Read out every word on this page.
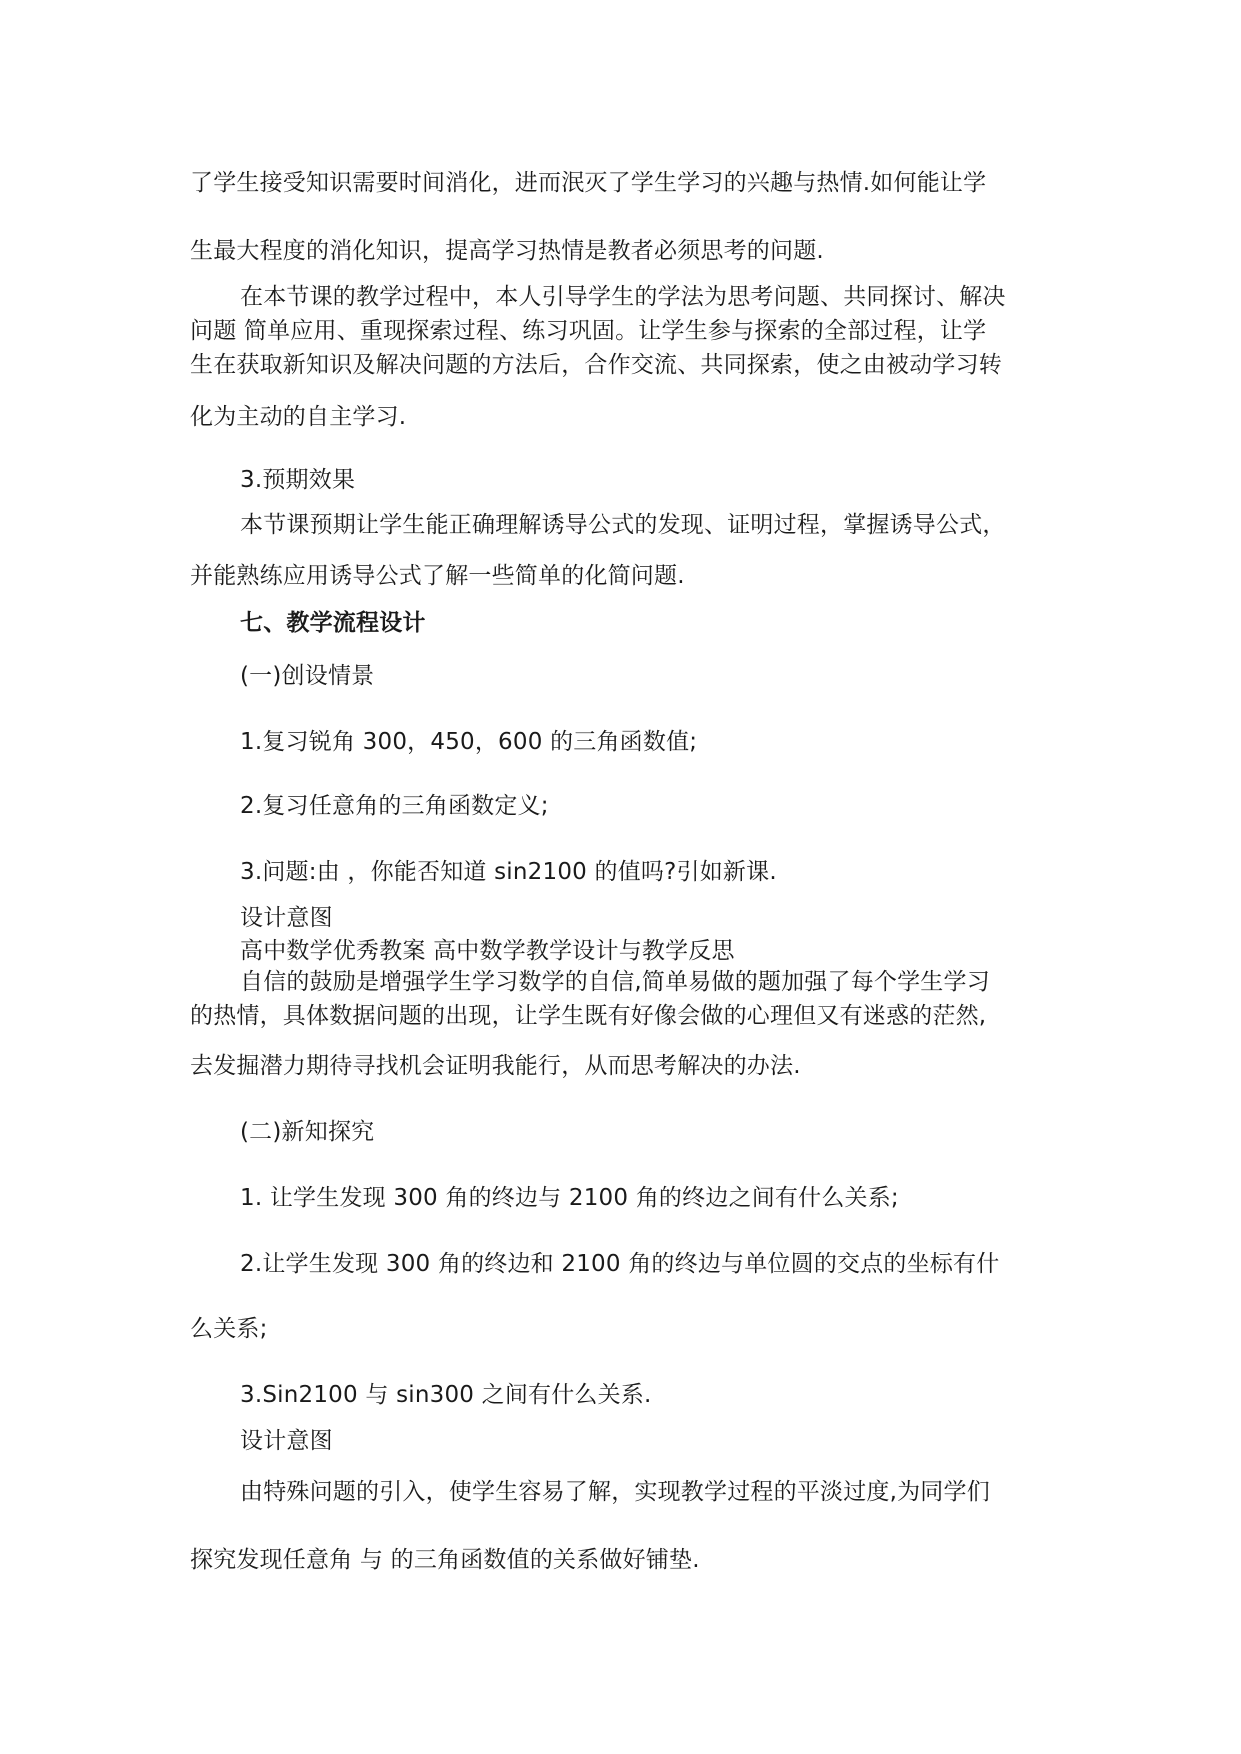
了学生接受知识需要时间消化，进而泯灭了学生学习的兴趣与热情.如何能让学
生最大程度的消化知识，提高学习热情是教者必须思考的问题.
在本节课的教学过程中，本人引导学生的学法为思考问题、共同探讨、解决
问题 简单应用、重现探索过程、练习巩固。让学生参与探索的全部过程，让学
生在获取新知识及解决问题的方法后，合作交流、共同探索，使之由被动学习转
化为主动的自主学习.
3.预期效果
本节课预期让学生能正确理解诱导公式的发现、证明过程，掌握诱导公式，
并能熟练应用诱导公式了解一些简单的化简问题.
七、教学流程设计
(一)创设情景
1.复习锐角 300，450，600 的三角函数值;
2.复习任意角的三角函数定义;
3.问题:由 ，你能否知道 sin2100 的值吗?引如新课.
设计意图
高中数学优秀教案 高中数学教学设计与教学反思
自信的鼓励是增强学生学习数学的自信,简单易做的题加强了每个学生学习
的热情，具体数据问题的出现，让学生既有好像会做的心理但又有迷惑的茫然,
去发掘潜力期待寻找机会证明我能行，从而思考解决的办法.
(二)新知探究
1. 让学生发现 300 角的终边与 2100 角的终边之间有什么关系;
2.让学生发现 300 角的终边和 2100 角的终边与单位圆的交点的坐标有什
么关系;
3.Sin2100 与 sin300 之间有什么关系.
设计意图
由特殊问题的引入，使学生容易了解，实现教学过程的平淡过度,为同学们
探究发现任意角 与 的三角函数值的关系做好铺垫.
